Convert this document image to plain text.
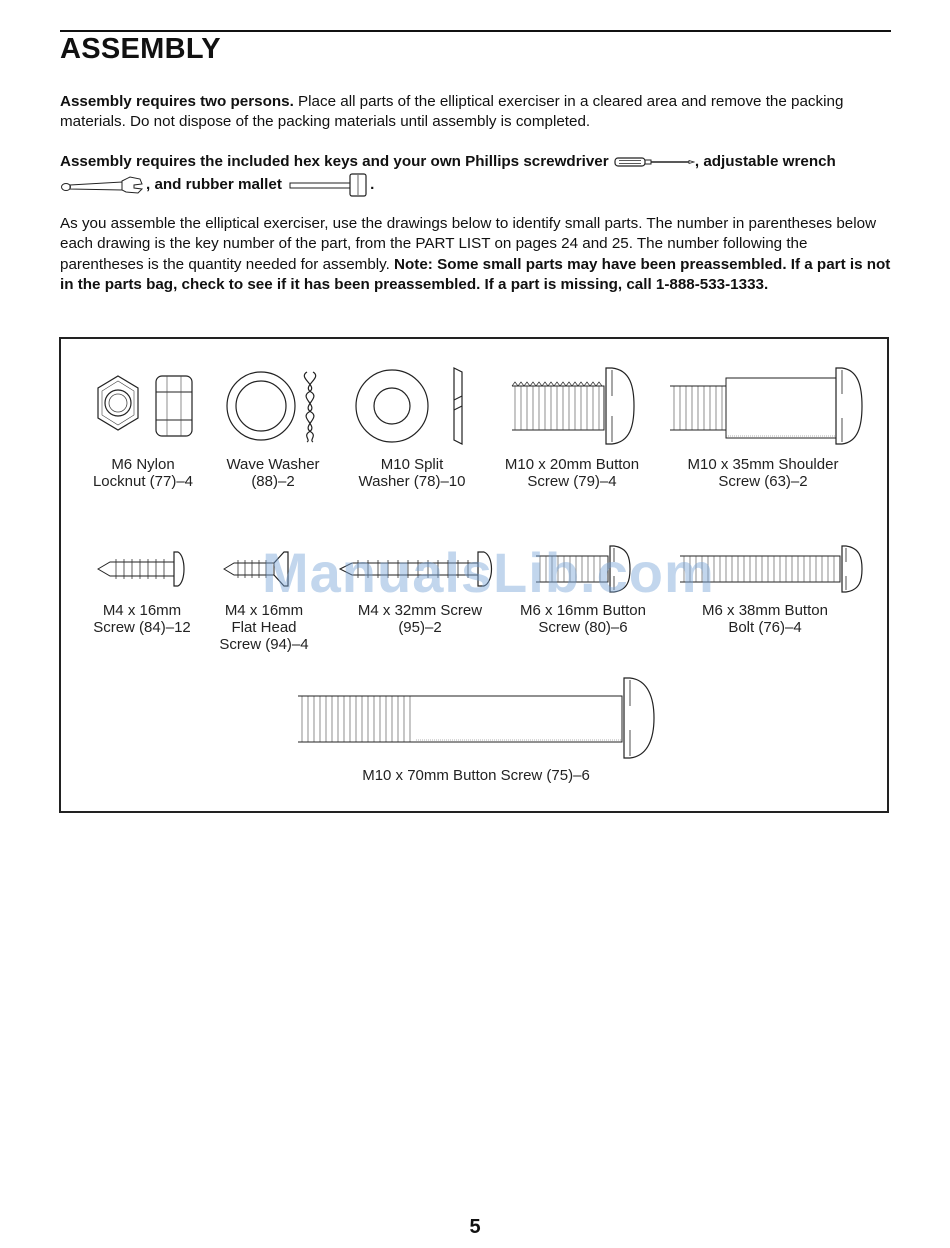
ASSEMBLY
Assembly requires two persons. Place all parts of the elliptical exerciser in a cleared area and remove the packing materials. Do not dispose of the packing materials until assembly is completed.
Assembly requires the included hex keys and your own Phillips screwdriver	, adjustable wrench
, and rubber mallet	.
As you assemble the elliptical exerciser, use the drawings below to identify small parts. The number in parentheses below each drawing is the key number of the part, from the PART LIST on pages 24 and 25. The number following the parentheses is the quantity needed for assembly. Note: Some small parts may have been preassembled. If a part is not in the parts bag, check to see if it has been preassembled. If a part is missing, call 1-888-533-1333.
M6 Nylon
Locknut (77)–4
Wave Washer
(88)–2
M10 Split
Washer (78)–10
M10 x 20mm Button
Screw (79)–4
M10 x 35mm Shoulder
Screw (63)–2
M4 x 16mm
Screw (84)–12
M4 x 16mm
Flat Head
Screw (94)–4
M4 x 32mm Screw
(95)–2
M6 x 16mm Button
Screw (80)–6
M6 x 38mm Button
Bolt (76)–4
M10 x 70mm Button Screw (75)–6
ManualsLib.com
5
